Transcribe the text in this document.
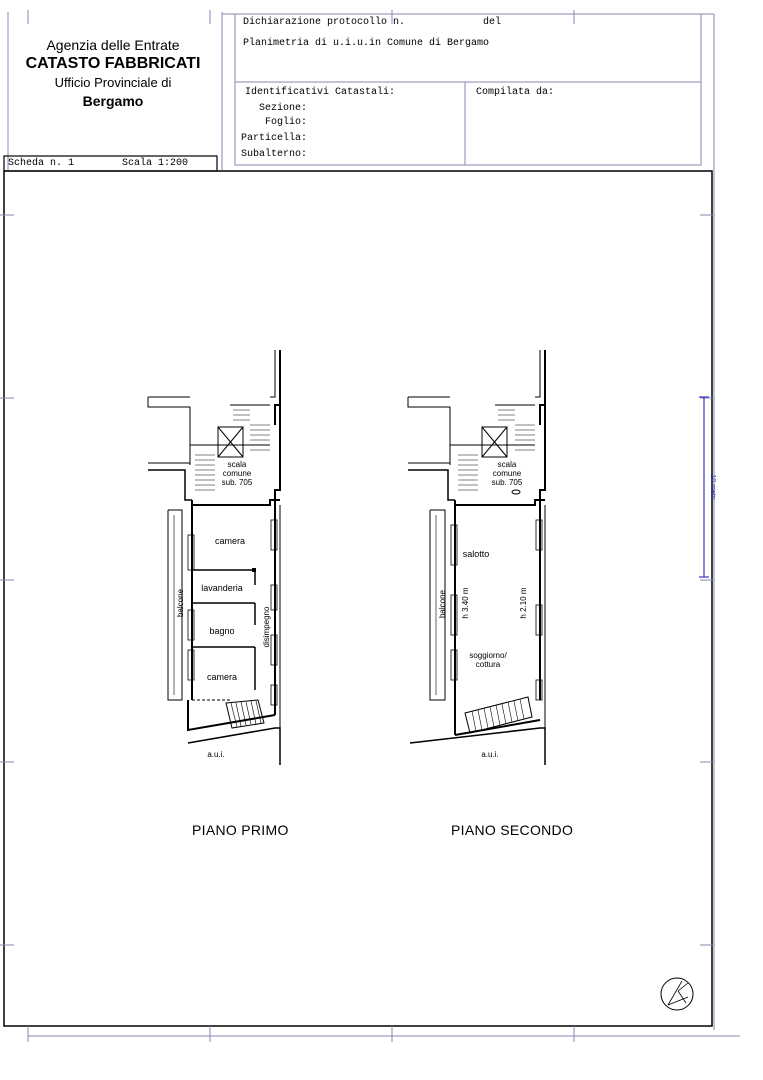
Agenzia delle Entrate
CATASTO FABBRICATI
Ufficio Provinciale di
Bergamo
Dichiarazione protocollo n.	del
Planimetria di u.i.u.in Comune di Bergamo
Identificativi Catastali:
Sezione:
Foglio:
Particella:
Subalterno:
Compilata da:
Scheda n. 1	Scala 1:200
scala
comune
sub. 705
camera
lavanderia
bagno
camera
balcone
disimpegno
a.u.i.
scala
comune
sub. 705
salotto
balcone h 3.40 m	h 2.10 m
soggiorno/
cottura
a.u.i.
PIANO PRIMO	PIANO SECONDO
10 metri
